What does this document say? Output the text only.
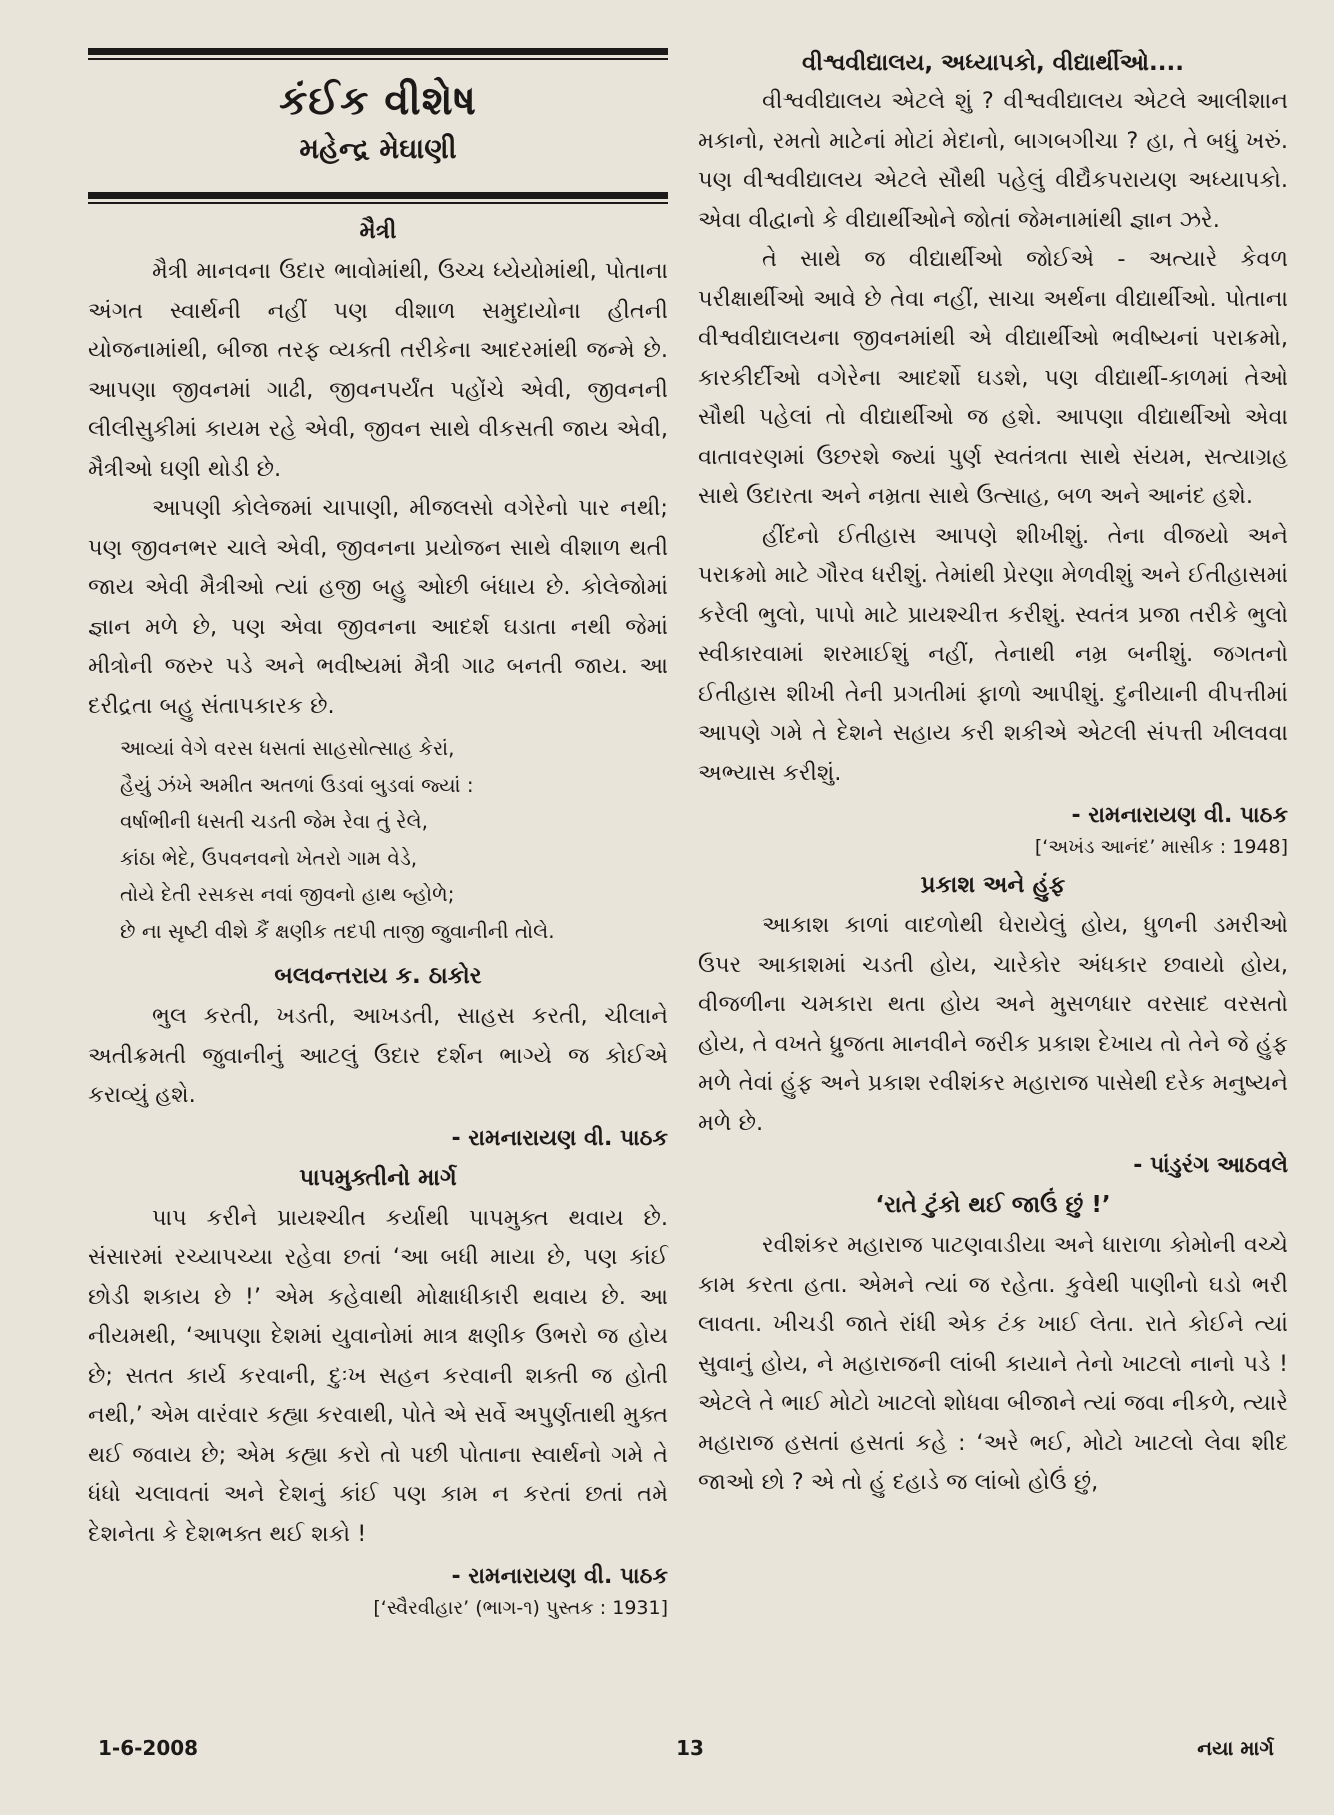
કંઈક વીશેષ
મહેન્દ્ર મેઘાણી
મૈત્રી

મૈત્રી માનવના ઉદાર ભાવોમાંથી, ઉચ્ચ ધ્યેયોમાંથી, પોતાના અંગત સ્વાર્થની નહીં પણ વીશાળ સમુદાયોના હીતની યોજનામાંથી, બીજા તરફ વ્યક્તી તરીકેના આદરમાંથી જન્મે છે. આપણા જીવનમાં ગાઢી, જીવનપર્યંત પહોંચે એવી, જીવનની લીલીસુકીમાં કાયમ રહે એવી, જીવન સાથે વીકસતી જાય એવી, મૈત્રીઓ ઘણી થોડી છે.

આપણી કોલેજમાં ચાપાણી, મીજલસો વગેરેનો પાર નથી; પણ જીવનભર ચાલે એવી, જીવનના પ્રયોજન સાથે વીશાળ થતી જાય એવી મૈત્રીઓ ત્યાં હજી બહુ ઓછી બંધાય છે. કોલેજોમાં જ્ઞાન મળે છે, પણ એવા જીવનના આદર્શ ઘડાતા નથી જેમાં મીત્રોની જરુર પડે અને ભવીષ્યમાં મૈત્રી ગાઢ બનતી જાય. આ દરીદ્રતા બહુ સંતાપકારક છે.

આવ્યાં વેગે વરસ ધસતાં સાહસોત્સાહ કેરાં,
હૈયું ઝંખે અમીત અતળાં ઉડવાં બુડવાં જ્યાં :
વર્ષાભીની ધસતી ચડતી જેમ રેવા તું રેલે,
કાંઠા ભેદે, ઉપવનવનો ખેતરો ગામ વેડે,
તોયે દેતી રસકસ નવાં જીવનો હાથ બ્હોળે;
છે ના સૃષ્ટી વીશે કૈં ક્ષણીક તદપી તાજી જુવાનીની તોલે.
બલવન્તરાય ક. ઠાકોર

ભુલ કરતી, ખડતી, આખડતી, સાહસ કરતી, ચીલાને અતીક્રમતી જુવાનીનું આટલું ઉદાર દર્શન ભાગ્યે જ કોઈએ કરાવ્યું હશે.

- રામનારાયણ વી. પાઠક
પાપમુક્તીનો માર્ગ

પાપ કરીને પ્રાયશ્ચીત કર્યાથી પાપમુક્ત થવાય છે. સંસારમાં રચ્યાપચ્યા રહેવા છતાં ‘આ બધી માયા છે, પણ કાંઈ છોડી શકાય છે !’ એમ કહેવાથી મોક્ષાધીકારી થવાય છે. આ નીયમથી, ‘આપણા દેશમાં યુવાનોમાં માત્ર ક્ષણીક ઉભરો જ હોય છે; સતત કાર્ય કરવાની, દુઃખ સહન કરવાની શક્તી જ હોતી નથી,’ એમ વારંવાર કહ્યા કરવાથી, પોતે એ સર્વે અપુર્ણતાથી મુક્ત થઈ જવાય છે; એમ કહ્યા કરો તો પછી પોતાના સ્વાર્થનો ગમે તે ધંધો ચલાવતાં અને દેશનું કાંઈ પણ કામ ન કરતાં છતાં તમે દેશનેતા કે દેશભક્ત થઈ શકો !

- રામનારાયણ વી. પાઠક
[‘સ્વૈરવીહાર’ (ભાગ-૧) પુસ્તક : 1931]
વીશ્વવીદ્યાલય, અધ્યાપકો, વીદ્યાર્થીઓ....

વીશ્વવીદ્યાલય એટલે શું ? વીશ્વવીદ્યાલય એટલે આલીશાન મકાનો, રમતો માટેનાં મોટાં મેદાનો, બાગબગીચા ? હા, તે બધું ખરું. પણ વીશ્વવીદ્યાલય એટલે સૌથી પહેલું વીદ્યૈકપરાયણ અધ્યાપકો. એવા વીદ્વાનો કે વીદ્યાર્થીઓને જોતાં જેમનામાંથી જ્ઞાન ઝરે.

તે સાથે જ વીદ્યાર્થીઓ જોઈએ - અત્યારે કેવળ પરીક્ષાર્થીઓ આવે છે તેવા નહીં, સાચા અર્થના વીદ્યાર્થીઓ. પોતાના વીશ્વવીદ્યાલયના જીવનમાંથી એ વીદ્યાર્થીઓ ભવીષ્યનાં પરાક્રમો, કારકીર્દીઓ વગેરેના આદર્શો ઘડશે, પણ વીદ્યાર્થી-કાળમાં તેઓ સૌથી પહેલાં તો વીદ્યાર્થીઓ જ હશે. આપણા વીદ્યાર્થીઓ એવા વાતાવરણમાં ઉછરશે જ્યાં પુર્ણ સ્વતંત્રતા સાથે સંયમ, સત્યાગ્રહ સાથે ઉદારતા અને નમ્રતા સાથે ઉત્સાહ, બળ અને આનંદ હશે.

હીંદનો ઈતીહાસ આપણે શીખીશું. તેના વીજયો અને પરાક્રમો માટે ગૌરવ ધરીશું. તેમાંથી પ્રેરણા મેળવીશું અને ઈતીહાસમાં કરેલી ભુલો, પાપો માટે પ્રાયશ્ચીત્ત કરીશું. સ્વતંત્ર પ્રજા તરીકે ભુલો સ્વીકારવામાં શરમાઈશું નહીં, તેનાથી નમ્ર બનીશું. જગતનો ઈતીહાસ શીખી તેની પ્રગતીમાં ફાળો આપીશું. દુનીયાની વીપત્તીમાં આપણે ગમે તે દેશને સહાય કરી શકીએ એટલી સંપત્તી ખીલવવા અભ્યાસ કરીશું.

- રામનારાયણ વી. પાઠક
[‘અખંડ આનંદ’ માસીક : 1948]
પ્રકાશ અને હુંફ

આકાશ કાળાં વાદળોથી ઘેરાયેલું હોય, ધુળની ડમરીઓ ઉપર આકાશમાં ચડતી હોય, ચારેકોર અંધકાર છવાયો હોય, વીજળીના ચમકારા થતા હોય અને મુસળધાર વરસાદ વરસતો હોય, તે વખતે ધ્રુજતા માનવીને જરીક પ્રકાશ દેખાય તો તેને જે હુંફ મળે તેવાં હુંફ અને પ્રકાશ રવીશંકર મહારાજ પાસેથી દરેક મનુષ્યને મળે છે.

- પાંડુરંગ આઠવલે
‘રાતે ટુંકો થઈ જાઉં છું !’

રવીશંકર મહારાજ પાટણવાડીયા અને ધારાળા કોમોની વચ્ચે કામ કરતા હતા. એમને ત્યાં જ રહેતા. કુવેથી પાણીનો ઘડો ભરી લાવતા. ખીચડી જાતે રાંધી એક ટંક ખાઈ લેતા. રાતે કોઈને ત્યાં સુવાનું હોય, ને મહારાજની લાંબી કાયાને તેનો ખાટલો નાનો પડે ! એટલે તે ભાઈ મોટો ખાટલો શોધવા બીજાને ત્યાં જવા નીકળે, ત્યારે મહારાજ હસતાં હસતાં કહે : ‘અરે ભઈ, મોટો ખાટલો લેવા શીદ જાઓ છો ? એ તો હું દહાડે જ લાંબો હોઉં છું,

1-6-2008	13	નયા માર્ગ
